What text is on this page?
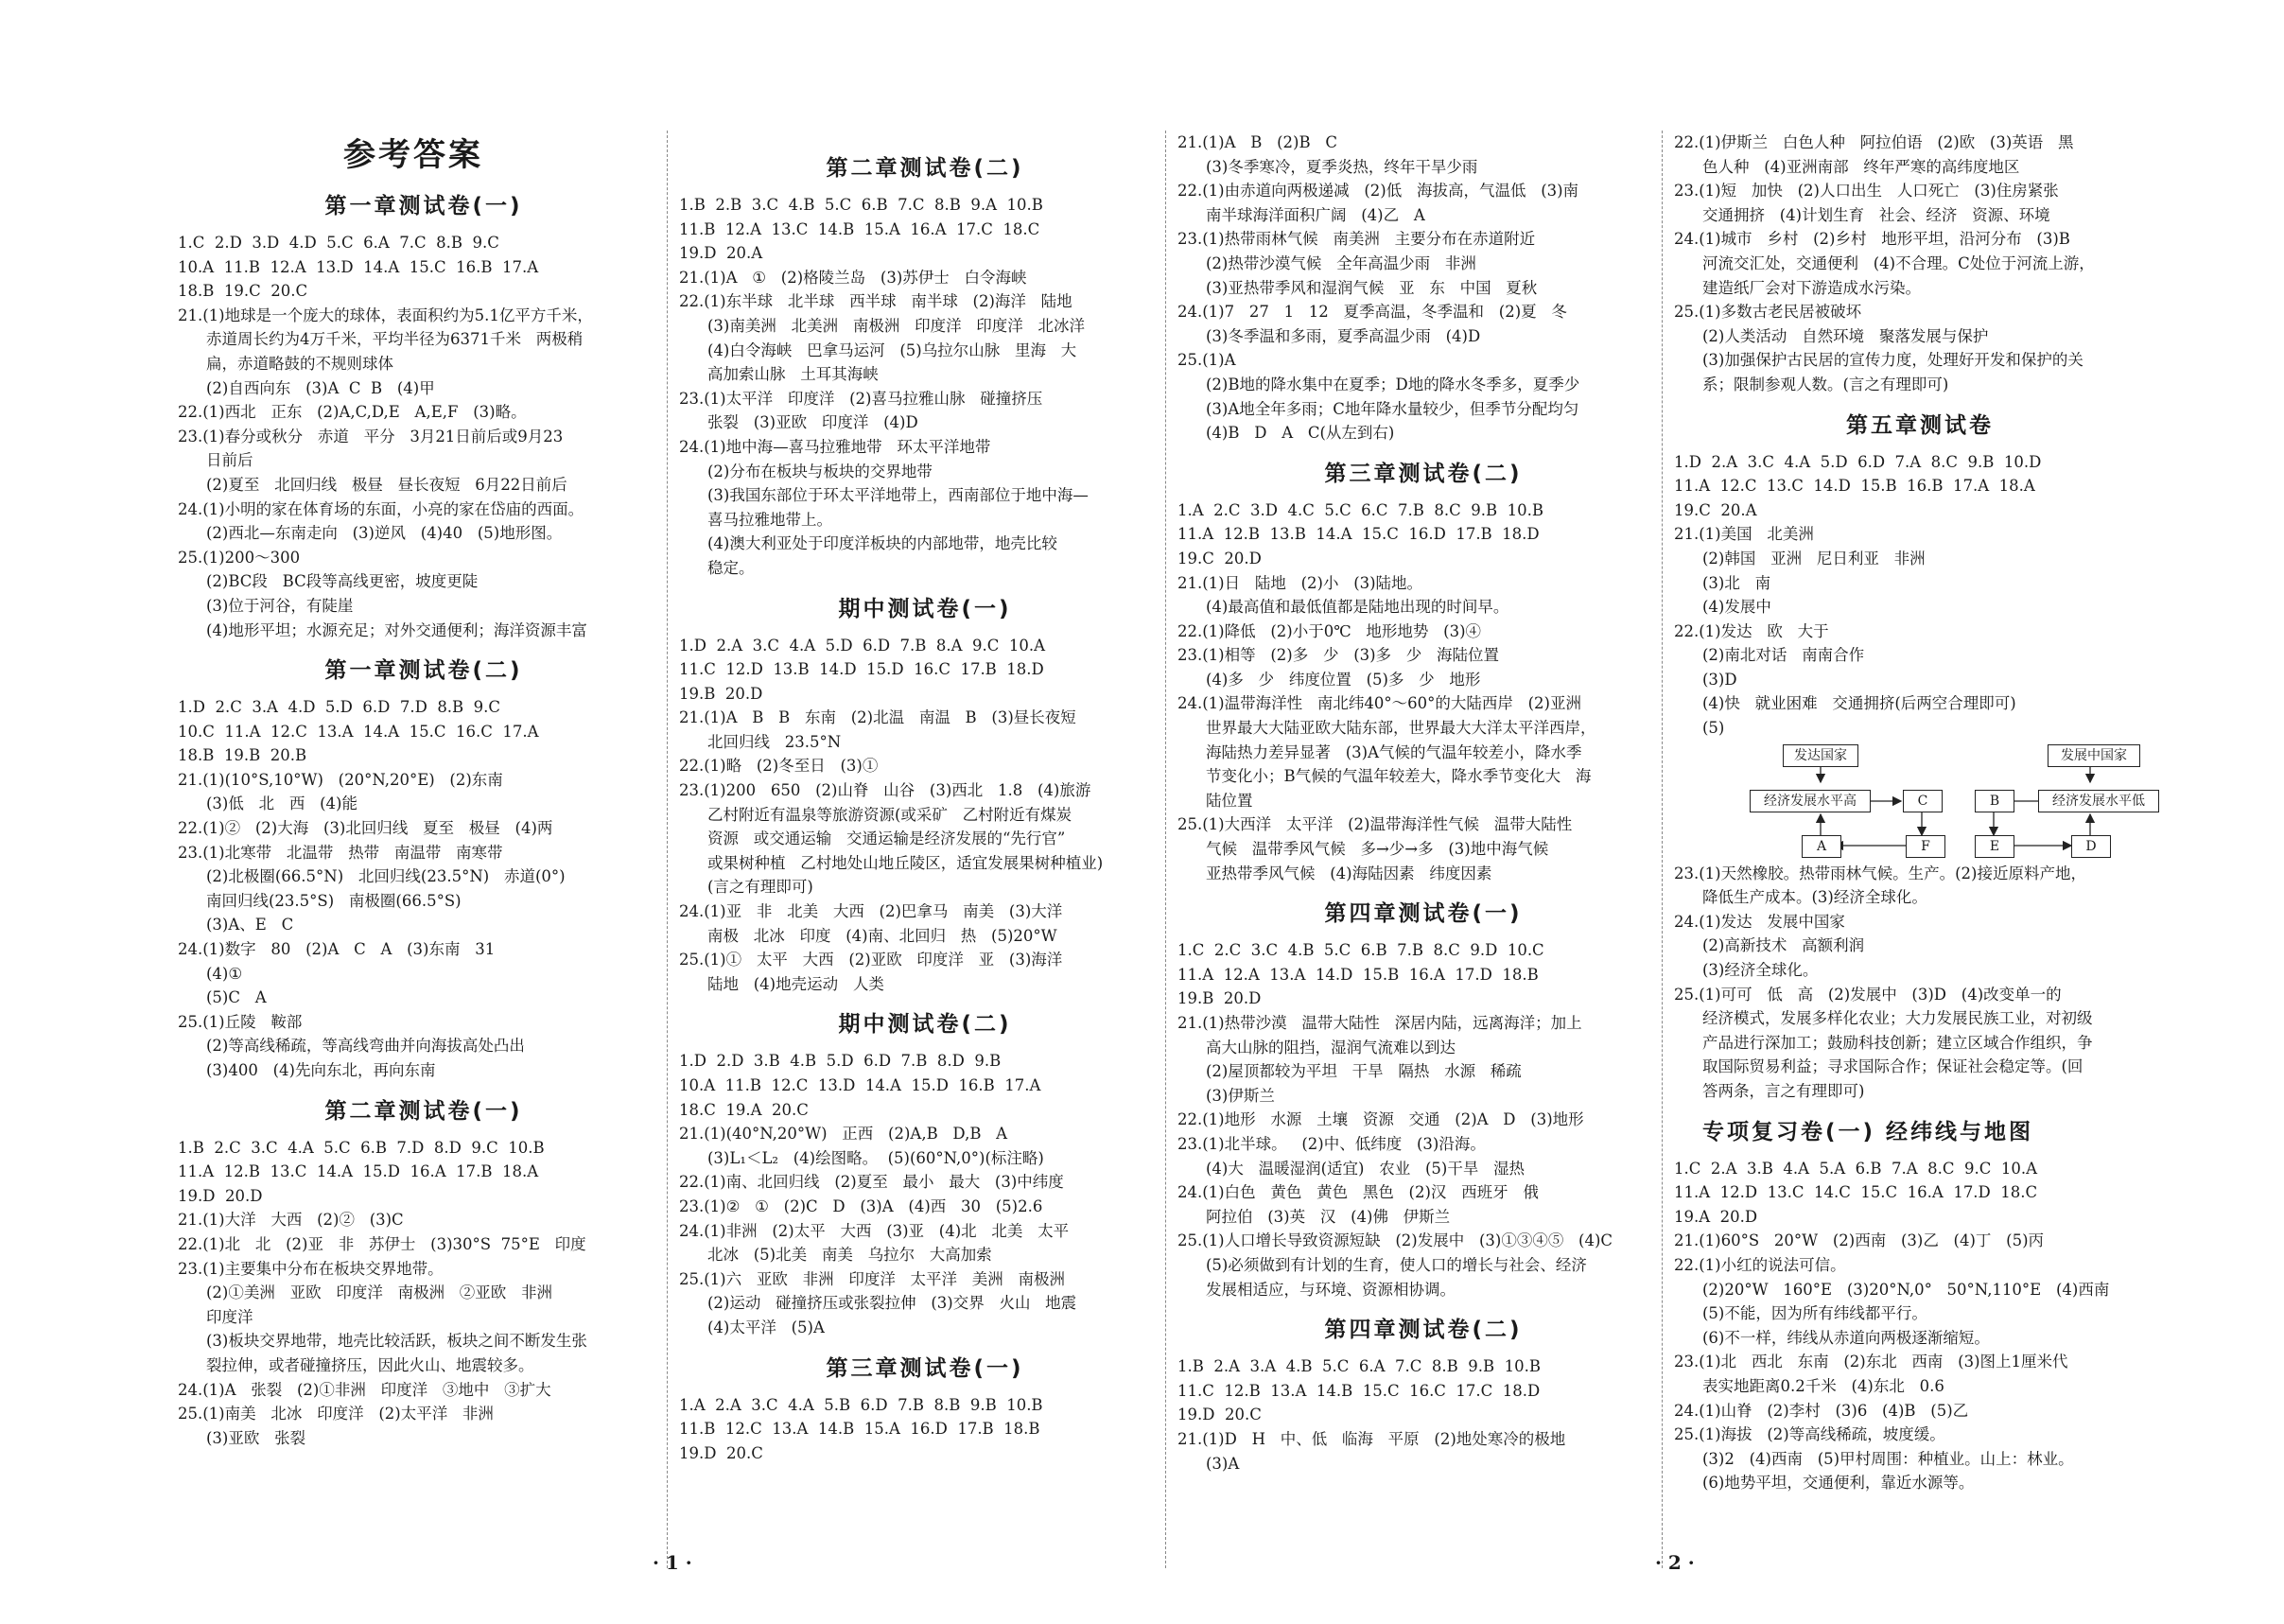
参考答案
第一章测试卷(一)
1.C  2.D  3.D  4.D  5.C  6.A  7.C  8.B  9.C
10.A  11.B  12.A  13.D  14.A  15.C  16.B  17.A
18.B  19.C  20.C
21.(1)地球是一个庞大的球体，表面积约为5.1亿平方千米，
赤道周长约为4万千米，平均半径为6371千米   两极稍
扁，赤道略鼓的不规则球体
(2)自西向东   (3)A  C  B   (4)甲
22.(1)西北   正东   (2)A,C,D,E   A,E,F   (3)略。
23.(1)春分或秋分   赤道   平分   3月21日前后或9月23
日前后
(2)夏至   北回归线   极昼   昼长夜短   6月22日前后
24.(1)小明的家在体育场的东面，小亮的家在岱庙的西面。
(2)西北—东南走向   (3)逆风   (4)40   (5)地形图。
25.(1)200～300
(2)BC段   BC段等高线更密，坡度更陡
(3)位于河谷，有陡崖
(4)地形平坦；水源充足；对外交通便利；海洋资源丰富
第一章测试卷(二)
1.D  2.C  3.A  4.D  5.D  6.D  7.D  8.B  9.C
10.C  11.A  12.C  13.A  14.A  15.C  16.C  17.A
18.B  19.B  20.B
21.(1)(10°S,10°W)   (20°N,20°E)   (2)东南
(3)低   北   西   (4)能
22.(1)②   (2)大海   (3)北回归线   夏至   极昼   (4)两
23.(1)北寒带   北温带   热带   南温带   南寒带
(2)北极圈(66.5°N)   北回归线(23.5°N)   赤道(0°)
南回归线(23.5°S)   南极圈(66.5°S)
(3)A、E   C
24.(1)数字   80   (2)A   C   A   (3)东南   31
(4)①
(5)C   A
25.(1)丘陵   鞍部
(2)等高线稀疏，等高线弯曲并向海拔高处凸出
(3)400   (4)先向东北，再向东南
第二章测试卷(一)
1.B  2.C  3.C  4.A  5.C  6.B  7.D  8.D  9.C  10.B
11.A  12.B  13.C  14.A  15.D  16.A  17.B  18.A
19.D  20.D
21.(1)大洋   大西   (2)②   (3)C
22.(1)北   北   (2)亚   非   苏伊士   (3)30°S  75°E   印度
23.(1)主要集中分布在板块交界地带。
(2)①美洲   亚欧   印度洋   南极洲   ②亚欧   非洲
印度洋
(3)板块交界地带，地壳比较活跃，板块之间不断发生张
裂拉伸，或者碰撞挤压，因此火山、地震较多。
24.(1)A   张裂   (2)①非洲   印度洋   ③地中   ③扩大
25.(1)南美   北冰   印度洋   (2)太平洋   非洲
(3)亚欧   张裂
第二章测试卷(二)
1.B  2.B  3.C  4.B  5.C  6.B  7.C  8.B  9.A  10.B
11.B  12.A  13.C  14.B  15.A  16.A  17.C  18.C
19.D  20.A
21.(1)A   ①   (2)格陵兰岛   (3)苏伊士   白令海峡
22.(1)东半球   北半球   西半球   南半球   (2)海洋   陆地
(3)南美洲   北美洲   南极洲   印度洋   印度洋   北冰洋
(4)白令海峡   巴拿马运河   (5)乌拉尔山脉   里海   大
高加索山脉   土耳其海峡
23.(1)太平洋   印度洋   (2)喜马拉雅山脉   碰撞挤压
张裂   (3)亚欧   印度洋   (4)D
24.(1)地中海—喜马拉雅地带   环太平洋地带
(2)分布在板块与板块的交界地带
(3)我国东部位于环太平洋地带上，西南部位于地中海—
喜马拉雅地带上。
(4)澳大利亚处于印度洋板块的内部地带，地壳比较
稳定。
期中测试卷(一)
1.D  2.A  3.C  4.A  5.D  6.D  7.B  8.A  9.C  10.A
11.C  12.D  13.B  14.D  15.D  16.C  17.B  18.D
19.B  20.D
21.(1)A   B   B   东南   (2)北温   南温   B   (3)昼长夜短
北回归线   23.5°N
22.(1)略   (2)冬至日   (3)①
23.(1)200   650   (2)山脊   山谷   (3)西北   1.8   (4)旅游
乙村附近有温泉等旅游资源(或采矿   乙村附近有煤炭
资源   或交通运输   交通运输是经济发展的“先行官”
或果树种植   乙村地处山地丘陵区，适宜发展果树种植业)
(言之有理即可)
24.(1)亚   非   北美   大西   (2)巴拿马   南美   (3)大洋
南极   北冰   印度   (4)南、北回归   热   (5)20°W
25.(1)①   太平   大西   (2)亚欧   印度洋   亚   (3)海洋
陆地   (4)地壳运动   人类
期中测试卷(二)
1.D  2.D  3.B  4.B  5.D  6.D  7.B  8.D  9.B
10.A  11.B  12.C  13.D  14.A  15.D  16.B  17.A
18.C  19.A  20.C
21.(1)(40°N,20°W)   正西   (2)A,B   D,B   A
(3)L₁＜L₂   (4)绘图略。  (5)(60°N,0°)(标注略)
22.(1)南、北回归线   (2)夏至   最小   最大   (3)中纬度
23.(1)②   ①   (2)C   D   (3)A   (4)西   30   (5)2.6
24.(1)非洲   (2)太平   大西   (3)亚   (4)北   北美   太平
北冰   (5)北美   南美   乌拉尔   大高加索
25.(1)六   亚欧   非洲   印度洋   太平洋   美洲   南极洲
(2)运动   碰撞挤压或张裂拉伸   (3)交界   火山   地震
(4)太平洋   (5)A
第三章测试卷(一)
1.A  2.A  3.C  4.A  5.B  6.D  7.B  8.B  9.B  10.B
11.B  12.C  13.A  14.B  15.A  16.D  17.B  18.B
19.D  20.C
21.(1)A   B   (2)B   C
(3)冬季寒冷，夏季炎热，终年干旱少雨
22.(1)由赤道向两极递减   (2)低   海拔高，气温低   (3)南
南半球海洋面积广阔   (4)乙   A
23.(1)热带雨林气候   南美洲   主要分布在赤道附近
(2)热带沙漠气候   全年高温少雨   非洲
(3)亚热带季风和湿润气候   亚   东   中国   夏秋
24.(1)7   27   1   12   夏季高温，冬季温和   (2)夏   冬
(3)冬季温和多雨，夏季高温少雨   (4)D
25.(1)A
(2)B地的降水集中在夏季；D地的降水冬季多，夏季少
(3)A地全年多雨；C地年降水量较少，但季节分配均匀
(4)B   D   A   C(从左到右)
第三章测试卷(二)
1.A  2.C  3.D  4.C  5.C  6.C  7.B  8.C  9.B  10.B
11.A  12.B  13.B  14.A  15.C  16.D  17.B  18.D
19.C  20.D
21.(1)日   陆地   (2)小   (3)陆地。
(4)最高值和最低值都是陆地出现的时间早。
22.(1)降低   (2)小于0℃   地形地势   (3)④
23.(1)相等   (2)多   少   (3)多   少   海陆位置
(4)多   少   纬度位置   (5)多   少   地形
24.(1)温带海洋性   南北纬40°～60°的大陆西岸   (2)亚洲
世界最大大陆亚欧大陆东部，世界最大大洋太平洋西岸，
海陆热力差异显著   (3)A气候的气温年较差小，降水季
节变化小；B气候的气温年较差大，降水季节变化大   海
陆位置
25.(1)大西洋   太平洋   (2)温带海洋性气候   温带大陆性
气候   温带季风气候   多→少→多   (3)地中海气候
亚热带季风气候   (4)海陆因素   纬度因素
第四章测试卷(一)
1.C  2.C  3.C  4.B  5.C  6.B  7.B  8.C  9.D  10.C
11.A  12.A  13.A  14.D  15.B  16.A  17.D  18.B
19.B  20.D
21.(1)热带沙漠   温带大陆性   深居内陆，远离海洋；加上
高大山脉的阻挡，湿润气流难以到达
(2)屋顶都较为平坦   干旱   隔热   水源   稀疏
(3)伊斯兰
22.(1)地形   水源   土壤   资源   交通   (2)A   D   (3)地形
23.(1)北半球。   (2)中、低纬度   (3)沿海。
(4)大   温暖湿润(适宜)   农业   (5)干旱   湿热
24.(1)白色   黄色   黄色   黑色   (2)汉   西班牙   俄
阿拉伯   (3)英   汉   (4)佛   伊斯兰
25.(1)人口增长导致资源短缺   (2)发展中   (3)①③④⑤   (4)C
(5)必须做到有计划的生育，使人口的增长与社会、经济
发展相适应，与环境、资源相协调。
第四章测试卷(二)
1.B  2.A  3.A  4.B  5.C  6.A  7.C  8.B  9.B  10.B
11.C  12.B  13.A  14.B  15.C  16.C  17.C  18.D
19.D  20.C
21.(1)D   H   中、低   临海   平原   (2)地处寒冷的极地
(3)A
22.(1)伊斯兰   白色人种   阿拉伯语   (2)欧   (3)英语   黑
色人种   (4)亚洲南部   终年严寒的高纬度地区
23.(1)短   加快   (2)人口出生   人口死亡   (3)住房紧张
交通拥挤   (4)计划生育   社会、经济   资源、环境
24.(1)城市   乡村   (2)乡村   地形平坦，沿河分布   (3)B
河流交汇处，交通便利   (4)不合理。C处位于河流上游，
建造纸厂会对下游造成水污染。
25.(1)多数古老民居被破坏
(2)人类活动   自然环境   聚落发展与保护
(3)加强保护古民居的宣传力度，处理好开发和保护的关
系；限制参观人数。(言之有理即可)
第五章测试卷
1.D  2.A  3.C  4.A  5.D  6.D  7.A  8.C  9.B  10.D
11.A  12.C  13.C  14.D  15.B  16.B  17.A  18.A
19.C  20.A
21.(1)美国   北美洲
(2)韩国   亚洲   尼日利亚   非洲
(3)北   南
(4)发展中
22.(1)发达   欧   大于
(2)南北对话   南南合作
(3)D
(4)快   就业困难   交通拥挤(后两空合理即可)
(5)
发达国家
经济发展水平高	C
A	F
发展中国家
B	经济发展水平低
E	D
23.(1)天然橡胶。热带雨林气候。生产。(2)接近原料产地，
降低生产成本。(3)经济全球化。
24.(1)发达   发展中国家
(2)高新技术   高额利润
(3)经济全球化。
25.(1)可可   低   高   (2)发展中   (3)D   (4)改变单一的
经济模式，发展多样化农业；大力发展民族工业，对初级
产品进行深加工；鼓励科技创新；建立区域合作组织，争
取国际贸易利益；寻求国际合作；保证社会稳定等。(回
答两条，言之有理即可)
专项复习卷(一) 经纬线与地图
1.C  2.A  3.B  4.A  5.A  6.B  7.A  8.C  9.C  10.A
11.A  12.D  13.C  14.C  15.C  16.A  17.D  18.C
19.A  20.D
21.(1)60°S   20°W   (2)西南   (3)乙   (4)丁   (5)丙
22.(1)小红的说法可信。
(2)20°W   160°E   (3)20°N,0°   50°N,110°E   (4)西南
(5)不能，因为所有纬线都平行。
(6)不一样，纬线从赤道向两极逐渐缩短。
23.(1)北   西北   东南   (2)东北   西南   (3)图上1厘米代
表实地距离0.2千米   (4)东北   0.6
24.(1)山脊   (2)李村   (3)6   (4)B   (5)乙
25.(1)海拔   (2)等高线稀疏，坡度缓。
(3)2   (4)西南   (5)甲村周围：种植业。山上：林业。
(6)地势平坦，交通便利，靠近水源等。
· 1 ·	· 2 ·
